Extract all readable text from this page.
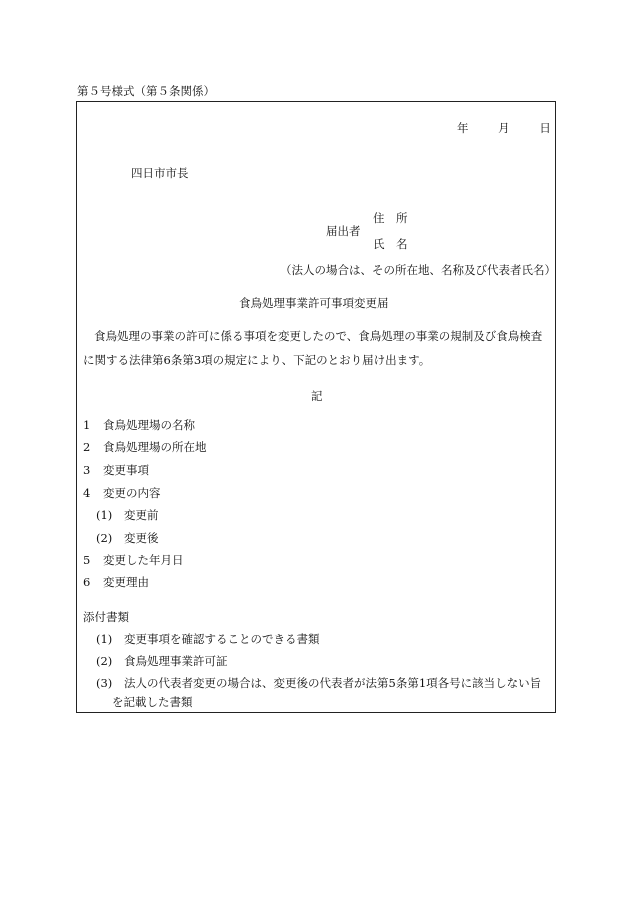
第５号様式（第５条関係）
年	月	日
四日市市長
届出者
住　所
氏　名
（法人の場合は、その所在地、名称及び代表者氏名）
食鳥処理事業許可事項変更届
食鳥処理の事業の許可に係る事項を変更したので、食鳥処理の事業の規制及び食鳥検査
に関する法律第6条第3項の規定により、下記のとおり届け出ます。
記
1 食鳥処理場の名称
2 食鳥処理場の所在地
3 変更事項
4 変更の内容
(1) 変更前
(2) 変更後
5 変更した年月日
6 変更理由
添付書類
(1) 変更事項を確認することのできる書類
(2) 食鳥処理事業許可証
(3) 法人の代表者変更の場合は、変更後の代表者が法第5条第1項各号に該当しない旨
を記載した書類
